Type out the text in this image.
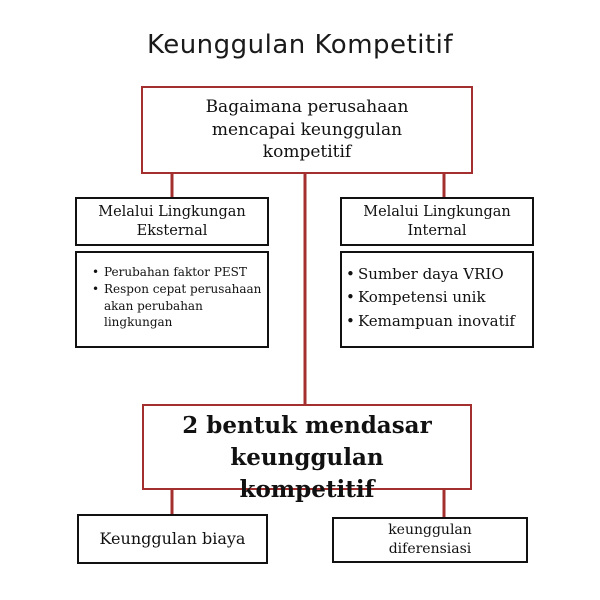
Keunggulan Kompetitif
Bagaimana perusahaan
mencapai keunggulan
kompetitif
Melalui Lingkungan
Eksternal
Melalui Lingkungan
Internal
• Perubahan faktor PEST
• Respon cepat perusahaan akan perubahan lingkungan
• Sumber daya VRIO
• Kompetensi unik
• Kemampuan inovatif
2 bentuk mendasar
keunggulan
kompetitif
Keunggulan biaya	keunggulan
diferensiasi
